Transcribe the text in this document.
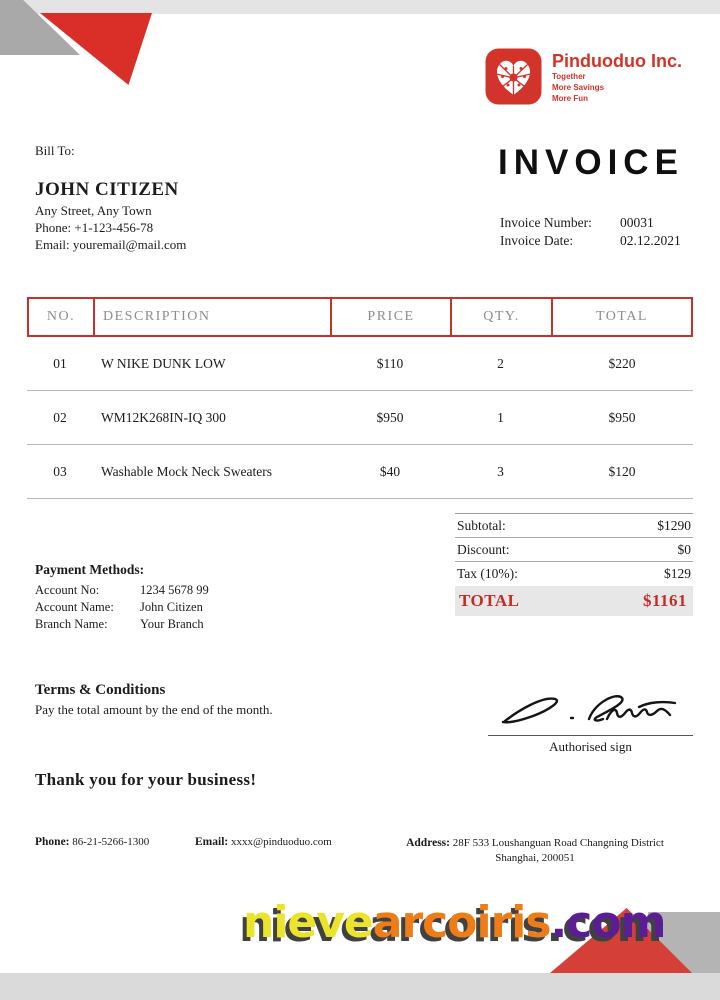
Pinduoduo Inc.
Together
More Savings
More Fun
Bill To:
JOHN CITIZEN
Any Street, Any Town
Phone: +1-123-456-78
Email: youremail@mail.com
INVOICE
Invoice Number:	00031
Invoice Date:	02.12.2021
NO.	DESCRIPTION	PRICE	QTY.	TOTAL
01	W NIKE DUNK LOW	$110	2	$220
02	WM12K268IN-IQ 300	$950	1	$950
03	Washable Mock Neck Sweaters	$40	3	$120
Subtotal:	$1290
Discount:	$0
Tax (10%):	$129
TOTAL	$1161
Payment Methods:
Account No:	1234 5678 99
Account Name:	John Citizen
Branch Name:	Your Branch
Terms & Conditions
Pay the total amount by the end of the month.
Authorised sign
Thank you for your business!
Phone: 86-21-5266-1300	Email: xxxx@pinduoduo.com	Address: 28F 533 Loushanguan Road Changning District
Shanghai, 200051
nievearcoiris.com
